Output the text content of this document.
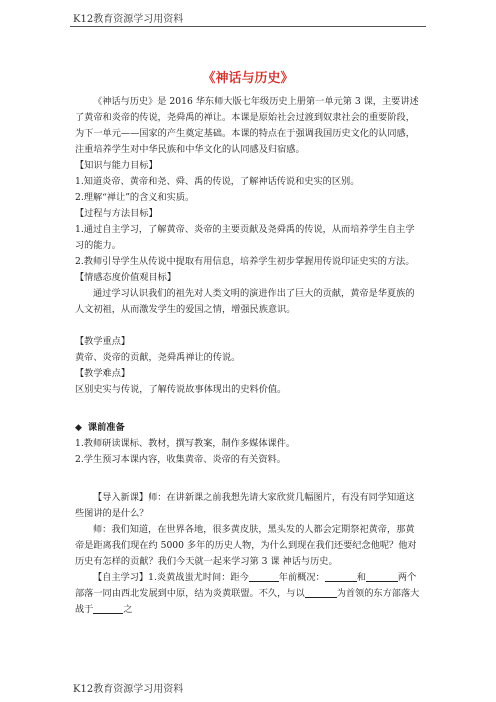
K12教育资源学习用资料
《神话与历史》

《神话与历史》是 2016 华东师大版七年级历史上册第一单元第 3 课，主要讲述了黄帝和炎帝的传说，尧舜禹的禅让。本课是原始社会过渡到奴隶社会的重要阶段，为下一单元——国家的产生奠定基础。本课的特点在于强调我国历史文化的认同感，注重培养学生对中华民族和中华文化的认同感及归宿感。

【知识与能力目标】

1.知道炎帝、黄帝和尧、舜、禹的传说，了解神话传说和史实的区别。

2.理解“禅让”的含义和实质。

【过程与方法目标】

1.通过自主学习，了解黄帝、炎帝的主要贡献及尧舜禹的传说，从而培养学生自主学习的能力。

2.教师引导学生从传说中提取有用信息，培养学生初步掌握用传说印证史实的方法。

【情感态度价值观目标】

通过学习认识我们的祖先对人类文明的演进作出了巨大的贡献，黄帝是华夏族的人文初祖，从而激发学生的爱国之情，增强民族意识。

【教学重点】

黄帝、炎帝的贡献，尧舜禹禅让的传说。

【教学难点】

区别史实与传说，了解传说故事体现出的史料价值。

◆ 课前准备

1.教师研读课标、教材，撰写教案，制作多媒体课件。

2.学生预习本课内容，收集黄帝、炎帝的有关资料。

【导入新课】师：在讲新课之前我想先请大家欣赏几幅图片，有没有同学知道这些图讲的是什么？

师：我们知道，在世界各地，很多黄皮肤，黑头发的人都会定期祭祀黄帝，那黄帝是距离我们现在约 5000 多年的历史人物，为什么到现在我们还要纪念他呢？他对历史有怎样的贡献？我们今天就一起来学习第 3 课 神话与历史。

【自主学习】1.炎黄战蚩尤时间：距今	年前概况：	和	两个部落一同由西北发展到中原，结为炎黄联盟。不久，与以	为首领的东方部落大战于	之

K12教育资源学习用资料
